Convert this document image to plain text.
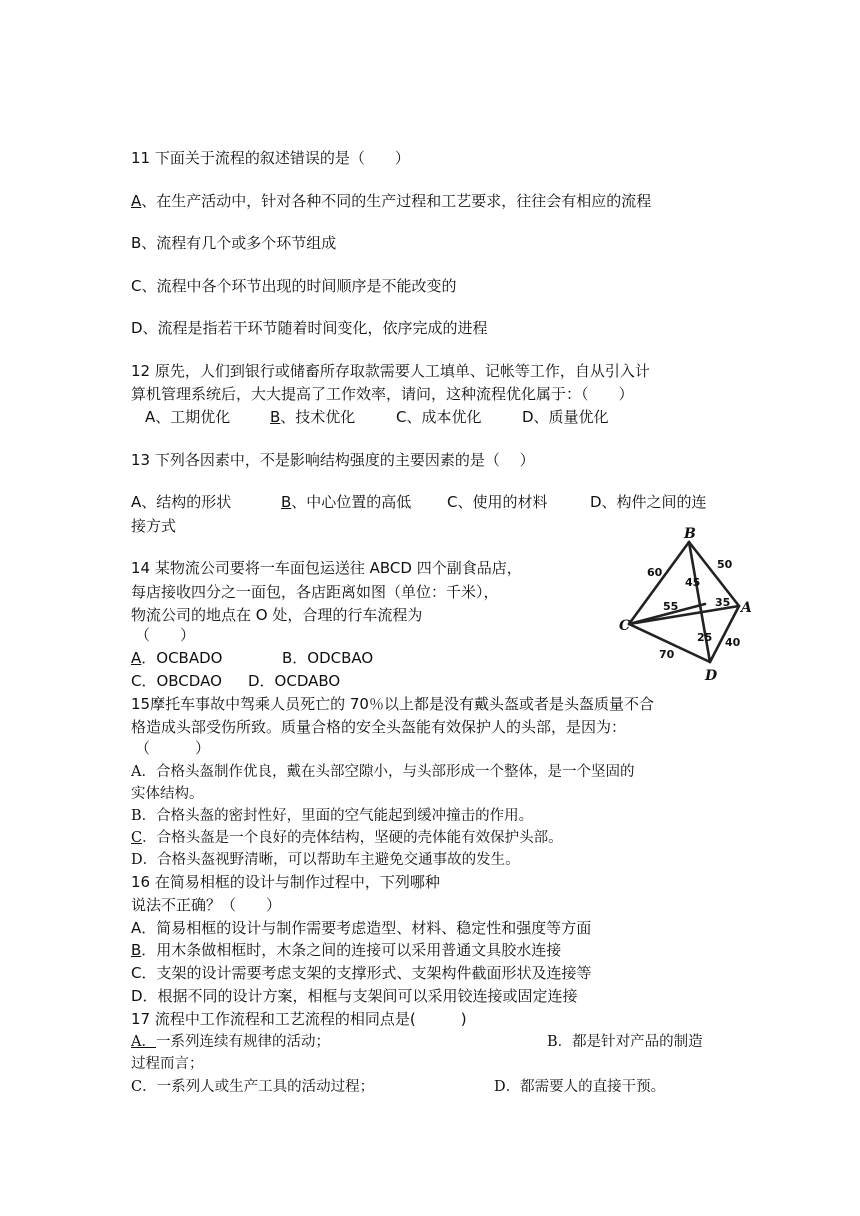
11 下面关于流程的叙述错误的是（　　）
A、在生产活动中，针对各种不同的生产过程和工艺要求，往往会有相应的流程
B、流程有几个或多个环节组成
C、流程中各个环节出现的时间顺序是不能改变的
D、流程是指若干环节随着时间变化，依序完成的进程
12 原先，人们到银行或储畜所存取款需要人工填单、记帐等工作，自从引入计
算机管理系统后，大大提高了工作效率，请问，这种流程优化属于：（　　）
A、工期优化	B、技术优化	C、成本优化	D、质量优化
13 下列各因素中，不是影响结构强度的主要因素的是（　 ）
A、结构的形状	B、中心位置的高低 C、使用的材料	D、构件之间的连
接方式
14 某物流公司要将一车面包运送往 ABCD 四个副食品店，
每店接收四分之一面包，各店距离如图（单位：千米），
物流公司的地点在 O 处，合理的行车流程为
（　　）
A．OCBADO	B．ODCBAO
C．OBCDAO D．OCDABO
B
C
A
D
60
50
45
55	35
25
70
40
15摩托车事故中驾乘人员死亡的 70％以上都是没有戴头盔或者是头盔质量不合
格造成头部受伤所致。质量合格的安全头盔能有效保护人的头部，是因为：
（　　　）
A．合格头盔制作优良，戴在头部空隙小，与头部形成一个整体，是一个坚固的
实体结构。
B．合格头盔的密封性好，里面的空气能起到缓冲撞击的作用。
C．合格头盔是一个良好的壳体结构，坚硬的壳体能有效保护头部。
D．合格头盔视野清晰，可以帮助车主避免交通事故的发生。
16 在简易相框的设计与制作过程中，下列哪种
说法不正确？（　　）
A．简易相框的设计与制作需要考虑造型、材料、稳定性和强度等方面
B．用木条做相框时，木条之间的连接可以采用普通文具胶水连接
C．支架的设计需要考虑支架的支撑形式、支架构件截面形状及连接等
D．根据不同的设计方案，相框与支架间可以采用铰连接或固定连接
17 流程中工作流程和工艺流程的相同点是(　　　)
A．一系列连续有规律的活动；	B．都是针对产品的制造
过程而言；
C．一系列人或生产工具的活动过程；	D．都需要人的直接干预。
